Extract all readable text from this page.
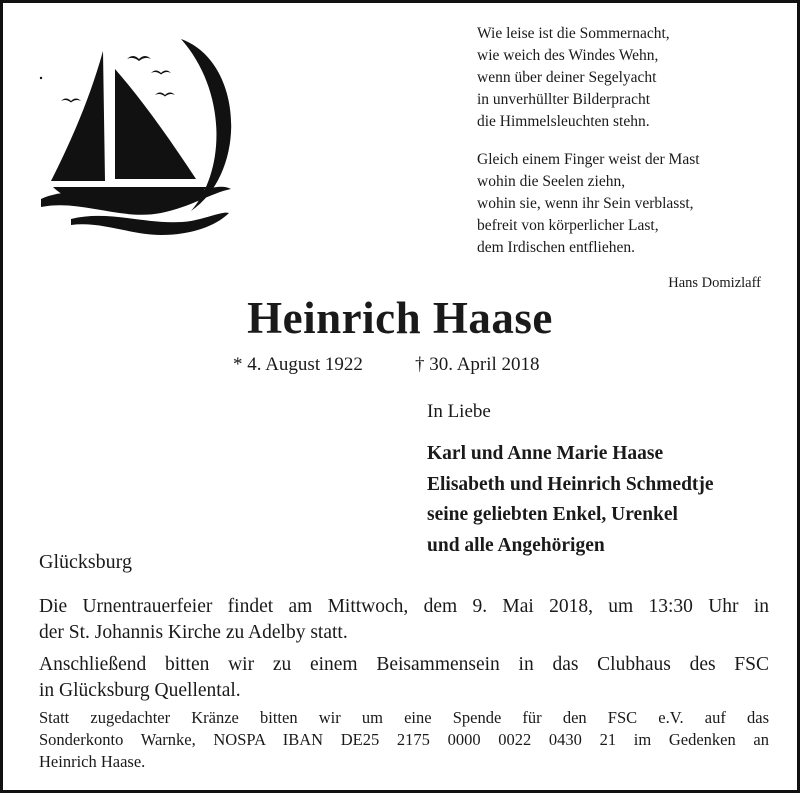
Wie leise ist die Sommernacht,
wie weich des Windes Wehn,
wenn über deiner Segelyacht
in unverhüllter Bilderpracht
die Himmelsleuchten stehn.
Gleich einem Finger weist der Mast
wohin die Seelen ziehn,
wohin sie, wenn ihr Sein verblasst,
befreit von körperlicher Last,
dem Irdischen entfliehen.
Hans Domizlaff
Heinrich Haase
* 4. August 1922	† 30. April 2018
In Liebe
Karl und Anne Marie Haase
Elisabeth und Heinrich Schmedtje
seine geliebten Enkel, Urenkel
und alle Angehörigen
Glücksburg
Die Urnentrauerfeier findet am Mittwoch, dem 9. Mai 2018, um 13:30 Uhr in
der St. Johannis Kirche zu Adelby statt.
Anschließend bitten wir zu einem Beisammensein in das Clubhaus des FSC
in Glücksburg Quellental.
Statt zugedachter Kränze bitten wir um eine Spende für den FSC e.V. auf das
Sonderkonto Warnke, NOSPA IBAN DE25 2175 0000 0022 0430 21 im Gedenken an
Heinrich Haase.
